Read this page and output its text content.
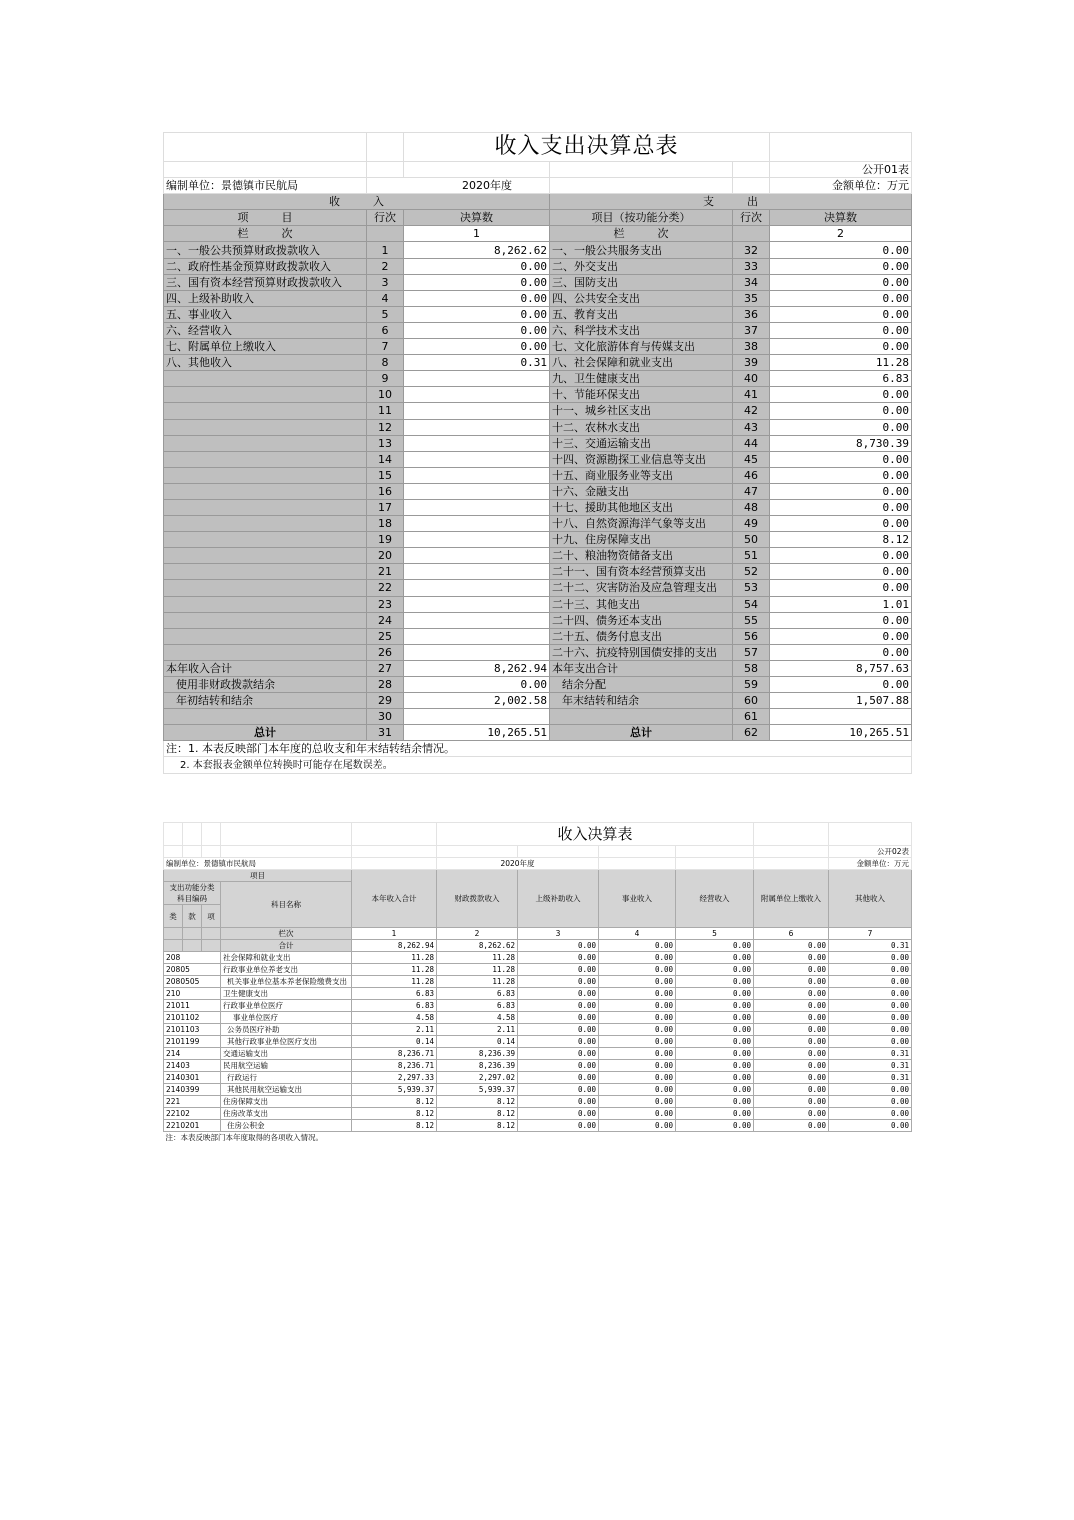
		收入支出决算总表			
					公开01表
编制单位：景德镇市民航局	2020年度				金额单位：万元
收　　　入			支　　　出		
项　　　目	行次	决算数	项目（按功能分类）	行次	决算数
栏　　　次		1	栏　　　次		2
一、一般公共预算财政拨款收入	1	8,262.62	一、一般公共服务支出	32	0.00
二、政府性基金预算财政拨款收入	2	0.00	二、外交支出	33	0.00
三、国有资本经营预算财政拨款收入	3	0.00	三、国防支出	34	0.00
四、上级补助收入	4	0.00	四、公共安全支出	35	0.00
五、事业收入	5	0.00	五、教育支出	36	0.00
六、经营收入	6	0.00	六、科学技术支出	37	0.00
七、附属单位上缴收入	7	0.00	七、文化旅游体育与传媒支出	38	0.00
八、其他收入	8	0.31	八、社会保障和就业支出	39	11.28
	9		九、卫生健康支出	40	6.83
	10		十、节能环保支出	41	0.00
	11		十一、城乡社区支出	42	0.00
	12		十二、农林水支出	43	0.00
	13		十三、交通运输支出	44	8,730.39
	14		十四、资源勘探工业信息等支出	45	0.00
	15		十五、商业服务业等支出	46	0.00
	16		十六、金融支出	47	0.00
	17		十七、援助其他地区支出	48	0.00
	18		十八、自然资源海洋气象等支出	49	0.00
	19		十九、住房保障支出	50	8.12
	20		二十、粮油物资储备支出	51	0.00
	21		二十一、国有资本经营预算支出	52	0.00
	22		二十二、灾害防治及应急管理支出	53	0.00
	23		二十三、其他支出	54	1.01
	24		二十四、债务还本支出	55	0.00
	25		二十五、债务付息支出	56	0.00
	26		二十六、抗疫特别国债安排的支出	57	0.00
本年收入合计	27	8,262.94	本年支出合计	58	8,757.63
使用非财政拨款结余	28	0.00	结余分配	59	0.00
年初结转和结余	29	2,002.58	年末结转和结余	60	1,507.88
	30			61	
总计	31	10,265.51	总计	62	10,265.51
注：1. 本表反映部门本年度的总收支和年末结转结余情况。					
2. 本套报表金额单位转换时可能存在尾数误差。					
					收入决算表					
										公开02表
编制单位：景德镇市民航局					2020年度					金额单位：万元
项目				本年收入合计	财政拨款收入	上级补助收入	事业收入	经营收入	附属单位上缴收入	其他收入
支出功能分类科目编码			科目名称							
类	款	项								
			栏次	1	2	3	4	5	6	7
			合计	8,262.94	8,262.62	0.00	0.00	0.00	0.00	0.31
208			社会保障和就业支出	11.28	11.28	0.00	0.00	0.00	0.00	0.00
20805			行政事业单位养老支出	11.28	11.28	0.00	0.00	0.00	0.00	0.00
2080505			机关事业单位基本养老保险缴费支出	11.28	11.28	0.00	0.00	0.00	0.00	0.00
210			卫生健康支出	6.83	6.83	0.00	0.00	0.00	0.00	0.00
21011			行政事业单位医疗	6.83	6.83	0.00	0.00	0.00	0.00	0.00
2101102			事业单位医疗	4.58	4.58	0.00	0.00	0.00	0.00	0.00
2101103			公务员医疗补助	2.11	2.11	0.00	0.00	0.00	0.00	0.00
2101199			其他行政事业单位医疗支出	0.14	0.14	0.00	0.00	0.00	0.00	0.00
214			交通运输支出	8,236.71	8,236.39	0.00	0.00	0.00	0.00	0.31
21403			民用航空运输	8,236.71	8,236.39	0.00	0.00	0.00	0.00	0.31
2140301			行政运行	2,297.33	2,297.02	0.00	0.00	0.00	0.00	0.31
2140399			其他民用航空运输支出	5,939.37	5,939.37	0.00	0.00	0.00	0.00	0.00
221			住房保障支出	8.12	8.12	0.00	0.00	0.00	0.00	0.00
22102			住房改革支出	8.12	8.12	0.00	0.00	0.00	0.00	0.00
2210201			住房公积金	8.12	8.12	0.00	0.00	0.00	0.00	0.00
注：本表反映部门本年度取得的各项收入情况。										
